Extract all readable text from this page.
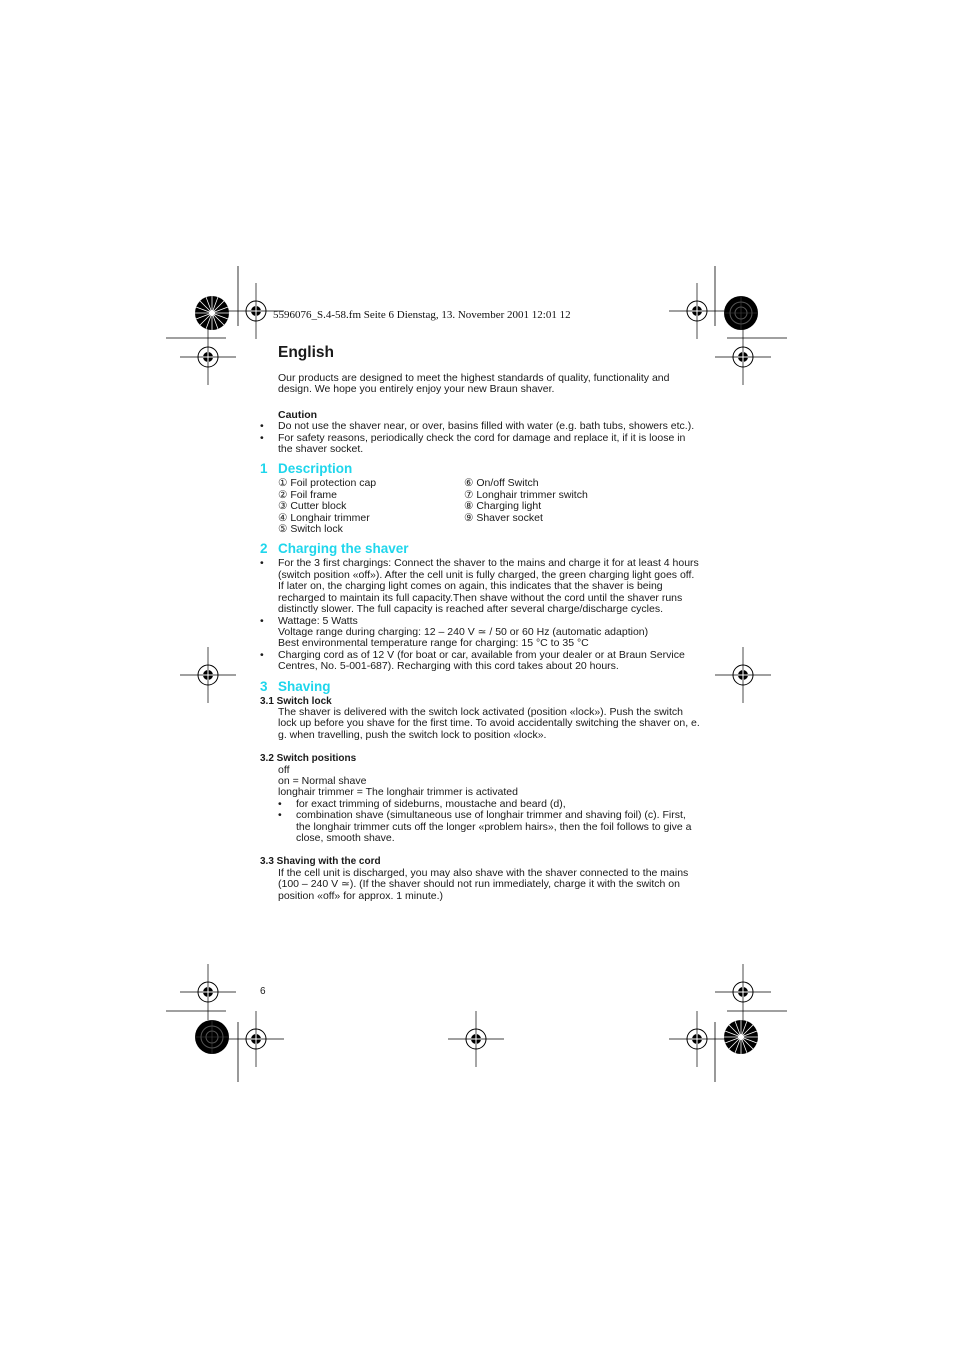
5596076_S.4-58.fm Seite 6 Dienstag, 13. November 2001 12:01 12
English

Our products are designed to meet the highest standards of quality, functionality and design. We hope you entirely enjoy your new Braun shaver.

Caution
• Do not use the shaver near, or over, basins filled with water (e.g. bath tubs, showers etc.).
• For safety reasons, periodically check the cord for damage and replace it, if it is loose in the shaver socket.
1 Description
① Foil protection cap
② Foil frame
③ Cutter block
④ Longhair trimmer
⑤ Switch lock
⑥ On/off Switch
⑦ Longhair trimmer switch
⑧ Charging light
⑨ Shaver socket
2 Charging the shaver
• For the 3 first chargings: Connect the shaver to the mains and charge it for at least 4 hours (switch position «off»). After the cell unit is fully charged, the green charging light goes off. If later on, the charging light comes on again, this indicates that the shaver is being recharged to maintain its full capacity.Then shave without the cord until the shaver runs distinctly slower. The full capacity is reached after several charge/discharge cycles.
• Wattage: 5 Watts
Voltage range during charging: 12 – 240 V ≃ / 50 or 60 Hz (automatic adaption)
Best environmental temperature range for charging: 15 °C to 35 °C
• Charging cord as of 12 V (for boat or car, available from your dealer or at Braun Service Centres, No. 5-001-687). Recharging with this cord takes about 20 hours.
3 Shaving
3.1 Switch lock

The shaver is delivered with the switch lock activated (position «lock»). Push the switch lock up before you shave for the first time. To avoid accidentally switching the shaver on, e. g. when travelling, push the switch lock to position «lock».

3.2 Switch positions
off
on = Normal shave
longhair trimmer = The longhair trimmer is activated
• for exact trimming of sideburns, moustache and beard (d),
• combination shave (simultaneous use of longhair trimmer and shaving foil) (c). First, the longhair trimmer cuts off the longer «problem hairs», then the foil follows to give a close, smooth shave.
3.3 Shaving with the cord

If the cell unit is discharged, you may also shave with the shaver connected to the mains (100 – 240 V ≃). (If the shaver should not run immediately, charge it with the switch on position «off» for approx. 1 minute.)

6
